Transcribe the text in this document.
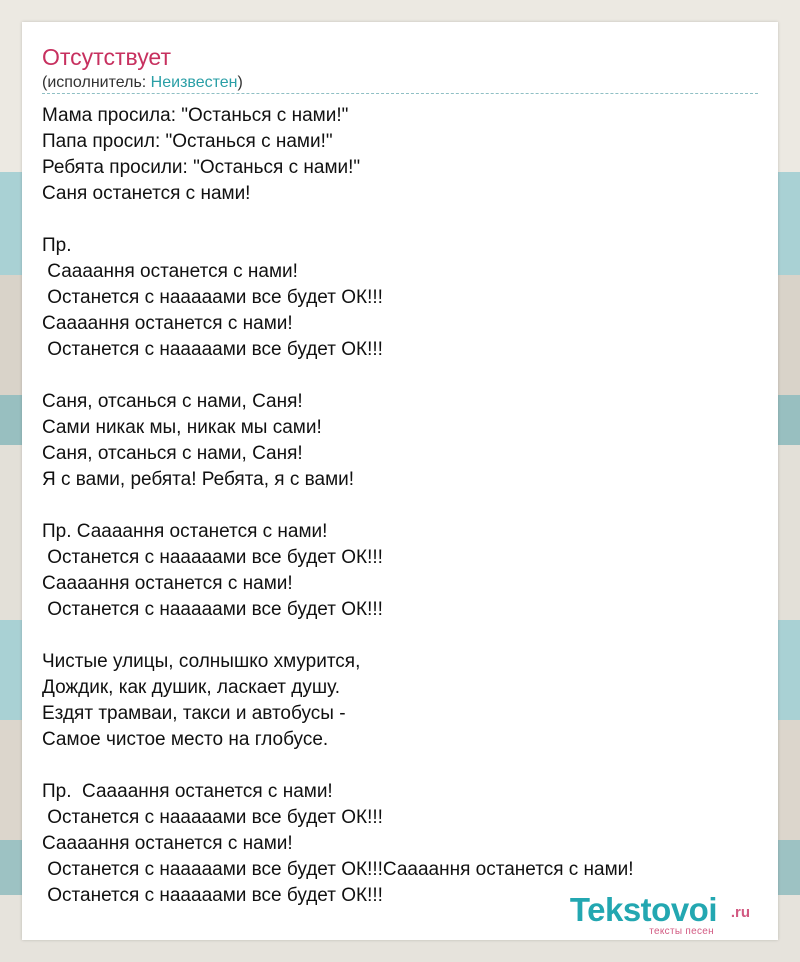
Отсутствует
(исполнитель: Неизвестен)
Мама просила: "Останься с нами!"
Папа просил: "Останься с нами!"
Ребята просили: "Останься с нами!"
Саня останется с нами!

Пр.
Саааання останется с нами!
Останется с нааааами все будет ОК!!!
Саааання останется с нами!
Останется с нааааами все будет ОК!!!

Саня, отсанься с нами, Саня!
Сами никак мы, никак мы сами!
Саня, отсанься с нами, Саня!
Я с вами, ребята! Ребята, я с вами!

Пр. Саааання останется с нами!
Останется с нааааами все будет ОК!!!
Саааання останется с нами!
Останется с нааааами все будет ОК!!!

Чистые улицы, солнышко хмурится,
Дождик, как душик, ласкает душу.
Ездят трамваи, такси и автобусы -
Самое чистое место на глобусе.

Пр.  Саааання останется с нами!
Останется с нааааами все будет ОК!!!
Саааання останется с нами!
Останется с нааааами все будет ОК!!!Саааання останется с нами!
Останется с нааааами все будет ОК!!!	Tekstovoi .ru
тексты песен
